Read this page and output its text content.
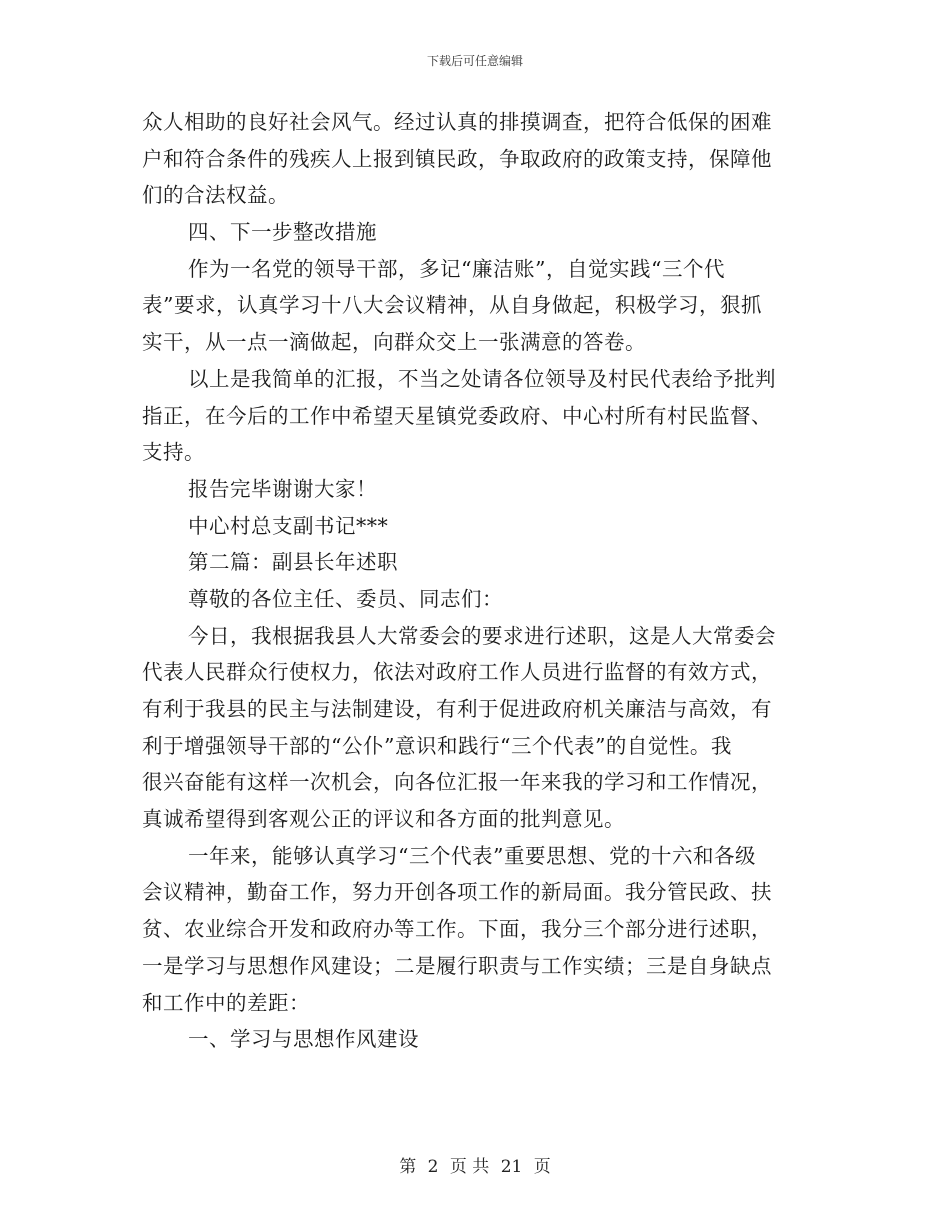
下载后可任意编辑
众人相助的良好社会风气。经过认真的排摸调查，把符合低保的困难
户和符合条件的残疾人上报到镇民政，争取政府的政策支持，保障他
们的合法权益。
四、下一步整改措施
作为一名党的领导干部，多记“廉洁账”，自觉实践“三个代
表”要求，认真学习十八大会议精神，从自身做起，积极学习，狠抓
实干，从一点一滴做起，向群众交上一张满意的答卷。
以上是我简单的汇报，不当之处请各位领导及村民代表给予批判
指正，在今后的工作中希望天星镇党委政府、中心村所有村民监督、
支持。
报告完毕谢谢大家！
中心村总支副书记***
第二篇：副县长年述职
尊敬的各位主任、委员、同志们：
今日，我根据我县人大常委会的要求进行述职，这是人大常委会
代表人民群众行使权力，依法对政府工作人员进行监督的有效方式，
有利于我县的民主与法制建设，有利于促进政府机关廉洁与高效，有
利于增强领导干部的“公仆”意识和践行“三个代表”的自觉性。我
很兴奋能有这样一次机会，向各位汇报一年来我的学习和工作情况，
真诚希望得到客观公正的评议和各方面的批判意见。
一年来，能够认真学习“三个代表”重要思想、党的十六和各级
会议精神，勤奋工作，努力开创各项工作的新局面。我分管民政、扶
贫、农业综合开发和政府办等工作。下面，我分三个部分进行述职，
一是学习与思想作风建设；二是履行职责与工作实绩；三是自身缺点
和工作中的差距：
一、学习与思想作风建设
第 2 页 共 21 页
